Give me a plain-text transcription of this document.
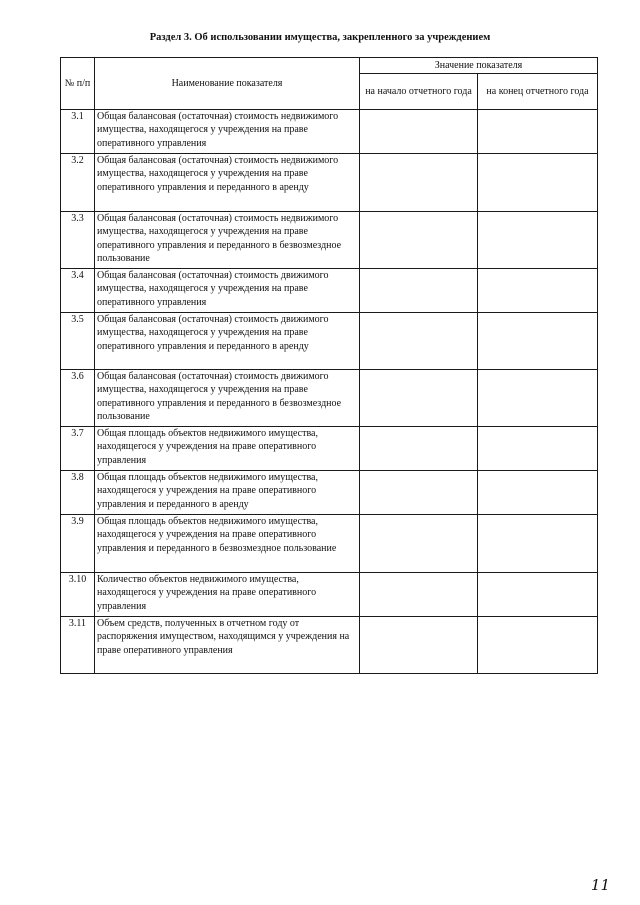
Раздел 3. Об использовании имущества, закрепленного за учреждением
№ п/п	Наименование показателя	Значение показателя	
		на начало отчетного года	на конец отчетного года
3.1	Общая балансовая (остаточная) стоимость недвижимого имущества, находящегося у учреждения на праве оперативного управления		
3.2	Общая балансовая (остаточная) стоимость недвижимого имущества, находящегося у учреждения на праве оперативного управления и переданного в аренду		
3.3	Общая балансовая (остаточная) стоимость недвижимого имущества, находящегося у учреждения на праве оперативного управления и переданного в безвозмездное пользование		
3.4	Общая балансовая (остаточная) стоимость движимого имущества, находящегося у учреждения на праве оперативного управления		
3.5	Общая балансовая (остаточная) стоимость движимого имущества, находящегося у учреждения на праве оперативного управления и переданного в аренду		
3.6	Общая балансовая (остаточная) стоимость движимого имущества, находящегося у учреждения на праве оперативного управления и переданного в безвозмездное пользование		
3.7	Общая площадь объектов недвижимого имущества, находящегося у учреждения на праве оперативного управления		
3.8	Общая площадь объектов недвижимого имущества, находящегося у учреждения на праве оперативного управления и переданного в аренду		
3.9	Общая площадь объектов недвижимого имущества, находящегося у учреждения на праве оперативного управления и переданного в безвозмездное пользование		
3.10	Количество объектов недвижимого имущества, находящегося у учреждения на праве оперативного управления		
3.11	Объем средств, полученных в отчетном году от распоряжения имуществом, находящимся у учреждения на праве оперативного управления		
11
